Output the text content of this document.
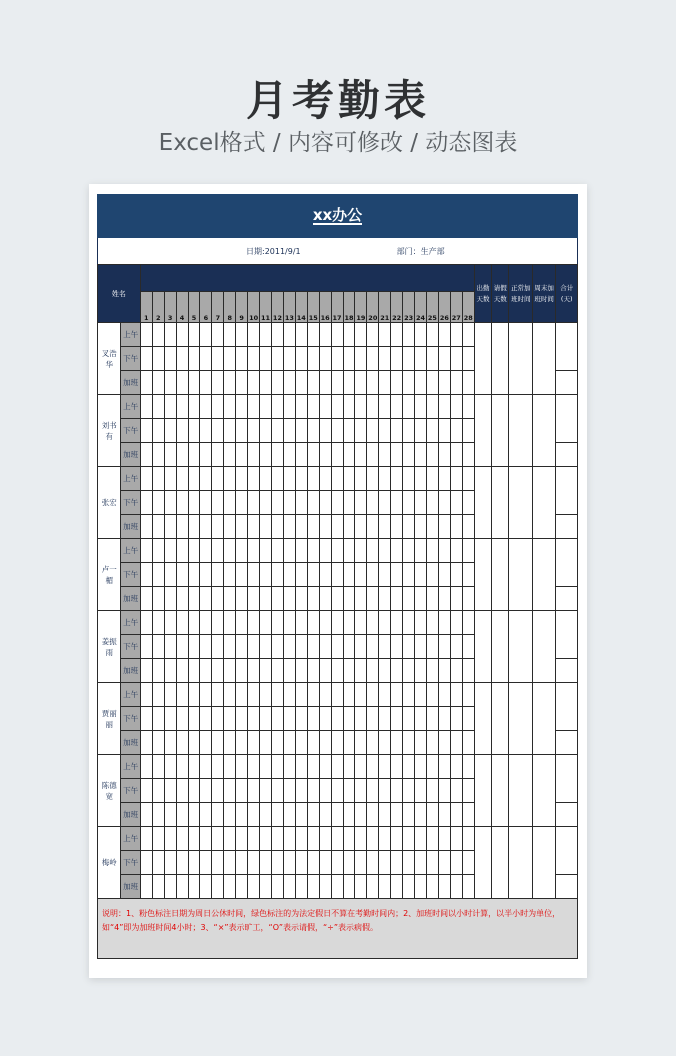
月考勤表
Excel格式 / 内容可修改 / 动态图表
xx办公
日期:2011/9/1	部门：生产部
姓名																														出勤天数	请假天数	正常加班时间	周末加班时间	合计(天)
		1	2	3	4	5	6	7	8	9	10	11	12	13	14	15	16	17	18	19	20	21	22	23	24	25	26	27	28					
叉浩华	上午																																	
	下午																																	
	加班																																	
刘书有	上午																																	
	下午																																	
	加班																																	
张宏	上午																																	
	下午																																	
	加班																																	
卢一楣	上午																																	
	下午																																	
	加班																																	
姜振雨	上午																																	
	下午																																	
	加班																																	
贾丽丽	上午																																	
	下午																																	
	加班																																	
陈德宽	上午																																	
	下午																																	
	加班																																	
梅岭	上午																																	
	下午																																	
	加班																																	
说明：1、粉色标注日期为周日公休时间，绿色标注的为法定假日不算在考勤时间内；2、加班时间以小时计算，以半小时为单位，如“4”即为加班时间4小时；3、“×”表示旷工，“O”表示请假，“÷”表示病假。
